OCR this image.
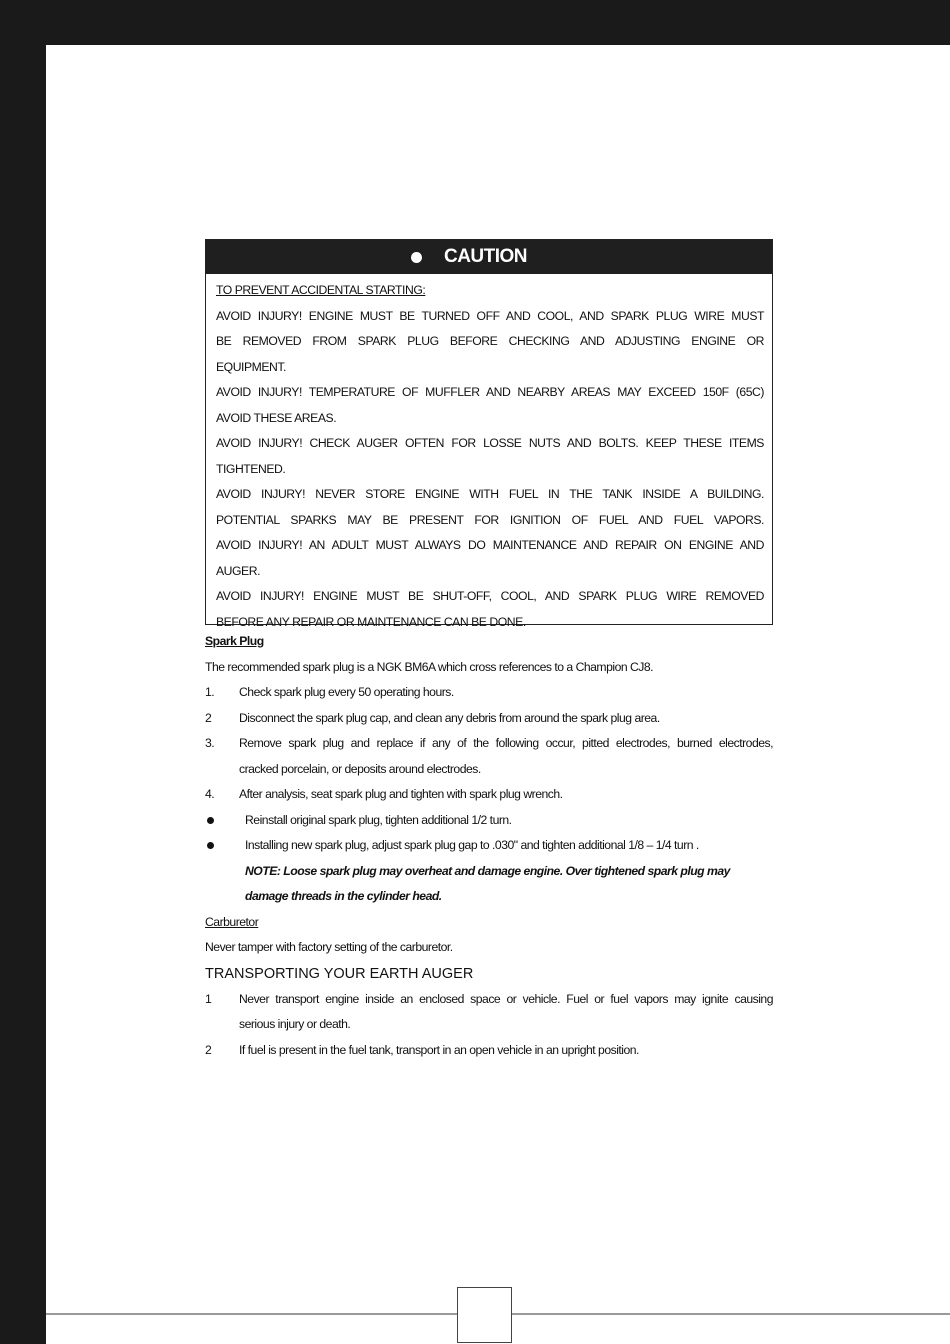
CAUTION
TO PREVENT ACCIDENTAL STARTING:
AVOID INJURY! ENGINE MUST BE TURNED OFF AND COOL, AND SPARK PLUG WIRE MUST
BE REMOVED FROM SPARK PLUG BEFORE CHECKING AND ADJUSTING ENGINE OR
EQUIPMENT.
AVOID INJURY! TEMPERATURE OF MUFFLER AND NEARBY AREAS MAY EXCEED 150F (65C)
AVOID THESE AREAS.
AVOID INJURY! CHECK AUGER OFTEN FOR LOSSE NUTS AND BOLTS. KEEP THESE ITEMS
TIGHTENED.
AVOID INJURY! NEVER STORE ENGINE WITH FUEL IN THE TANK INSIDE A BUILDING.
POTENTIAL SPARKS MAY BE PRESENT FOR IGNITION OF FUEL AND FUEL VAPORS.
AVOID INJURY! AN ADULT MUST ALWAYS DO MAINTENANCE AND REPAIR ON ENGINE AND
AUGER.
AVOID INJURY! ENGINE MUST BE SHUT-OFF, COOL, AND SPARK PLUG WIRE REMOVED
BEFORE ANY REPAIR OR MAINTENANCE CAN BE DONE.
Spark Plug
The recommended spark plug is a NGK BM6A which cross references to a Champion CJ8.
1. Check spark plug every 50 operating hours.
2 Disconnect the spark plug cap, and clean any debris from around the spark plug area.
3. Remove spark plug and replace if any of the following occur, pitted electrodes, burned electrodes,
cracked porcelain, or deposits around electrodes.
4. After analysis, seat spark plug and tighten with spark plug wrench.
Reinstall original spark plug, tighten additional 1/2 turn.
Installing new spark plug, adjust spark plug gap to .030" and tighten additional 1/8 – 1/4 turn .
NOTE: Loose spark plug may overheat and damage engine. Over tightened spark plug may
damage threads in the cylinder head.
Carburetor
Never tamper with factory setting of the carburetor.
TRANSPORTING YOUR EARTH AUGER
1 Never transport engine inside an enclosed space or vehicle. Fuel or fuel vapors may ignite causing
serious injury or death.
2 If fuel is present in the fuel tank, transport in an open vehicle in an upright position.
